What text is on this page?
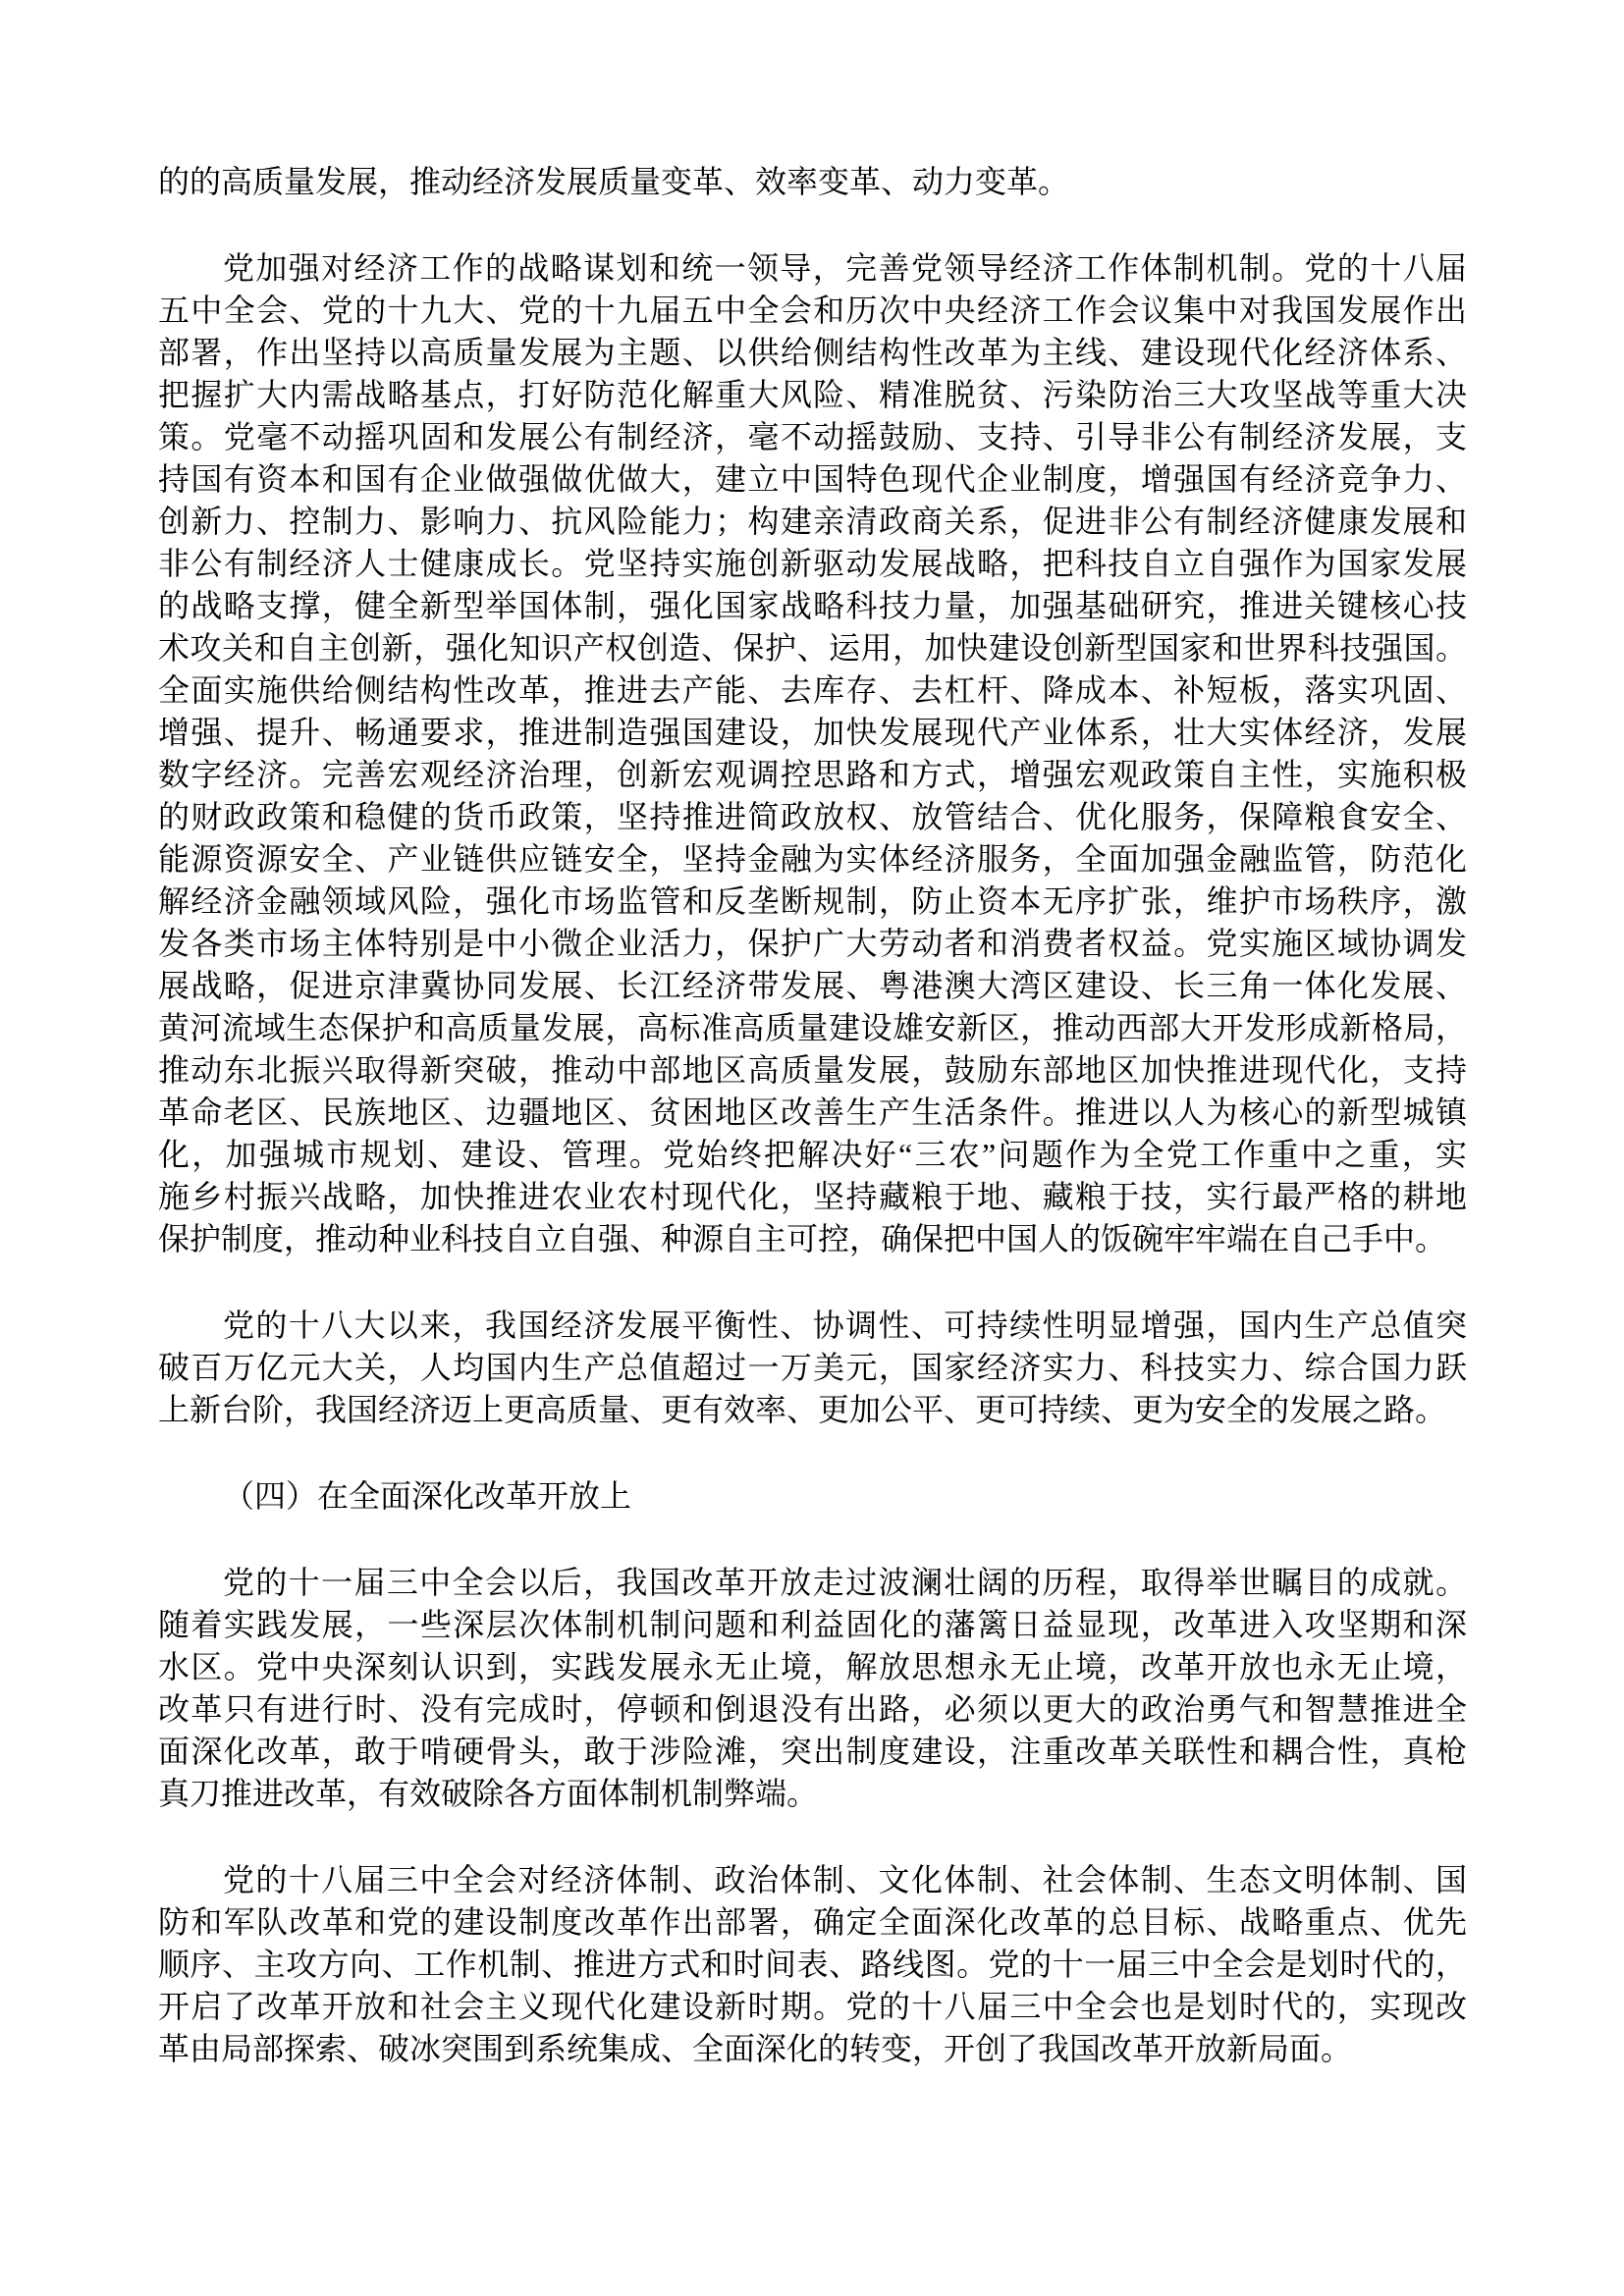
的的高质量发展，推动经济发展质量变革、效率变革、动力变革。
党加强对经济工作的战略谋划和统一领导，完善党领导经济工作体制机制。党的十八届
五中全会、党的十九大、党的十九届五中全会和历次中央经济工作会议集中对我国发展作出
部署，作出坚持以高质量发展为主题、以供给侧结构性改革为主线、建设现代化经济体系、
把握扩大内需战略基点，打好防范化解重大风险、精准脱贫、污染防治三大攻坚战等重大决
策。党毫不动摇巩固和发展公有制经济，毫不动摇鼓励、支持、引导非公有制经济发展，支
持国有资本和国有企业做强做优做大，建立中国特色现代企业制度，增强国有经济竞争力、
创新力、控制力、影响力、抗风险能力；构建亲清政商关系，促进非公有制经济健康发展和
非公有制经济人士健康成长。党坚持实施创新驱动发展战略，把科技自立自强作为国家发展
的战略支撑，健全新型举国体制，强化国家战略科技力量，加强基础研究，推进关键核心技
术攻关和自主创新，强化知识产权创造、保护、运用，加快建设创新型国家和世界科技强国。
全面实施供给侧结构性改革，推进去产能、去库存、去杠杆、降成本、补短板，落实巩固、
增强、提升、畅通要求，推进制造强国建设，加快发展现代产业体系，壮大实体经济，发展
数字经济。完善宏观经济治理，创新宏观调控思路和方式，增强宏观政策自主性，实施积极
的财政政策和稳健的货币政策，坚持推进简政放权、放管结合、优化服务，保障粮食安全、
能源资源安全、产业链供应链安全，坚持金融为实体经济服务，全面加强金融监管，防范化
解经济金融领域风险，强化市场监管和反垄断规制，防止资本无序扩张，维护市场秩序，激
发各类市场主体特别是中小微企业活力，保护广大劳动者和消费者权益。党实施区域协调发
展战略，促进京津冀协同发展、长江经济带发展、粤港澳大湾区建设、长三角一体化发展、
黄河流域生态保护和高质量发展，高标准高质量建设雄安新区，推动西部大开发形成新格局，
推动东北振兴取得新突破，推动中部地区高质量发展，鼓励东部地区加快推进现代化，支持
革命老区、民族地区、边疆地区、贫困地区改善生产生活条件。推进以人为核心的新型城镇
化，加强城市规划、建设、管理。党始终把解决好“三农”问题作为全党工作重中之重，实
施乡村振兴战略，加快推进农业农村现代化，坚持藏粮于地、藏粮于技，实行最严格的耕地
保护制度，推动种业科技自立自强、种源自主可控，确保把中国人的饭碗牢牢端在自己手中。
党的十八大以来，我国经济发展平衡性、协调性、可持续性明显增强，国内生产总值突
破百万亿元大关，人均国内生产总值超过一万美元，国家经济实力、科技实力、综合国力跃
上新台阶，我国经济迈上更高质量、更有效率、更加公平、更可持续、更为安全的发展之路。
（四）在全面深化改革开放上
党的十一届三中全会以后，我国改革开放走过波澜壮阔的历程，取得举世瞩目的成就。
随着实践发展，一些深层次体制机制问题和利益固化的藩篱日益显现，改革进入攻坚期和深
水区。党中央深刻认识到，实践发展永无止境，解放思想永无止境，改革开放也永无止境，
改革只有进行时、没有完成时，停顿和倒退没有出路，必须以更大的政治勇气和智慧推进全
面深化改革，敢于啃硬骨头，敢于涉险滩，突出制度建设，注重改革关联性和耦合性，真枪
真刀推进改革，有效破除各方面体制机制弊端。
党的十八届三中全会对经济体制、政治体制、文化体制、社会体制、生态文明体制、国
防和军队改革和党的建设制度改革作出部署，确定全面深化改革的总目标、战略重点、优先
顺序、主攻方向、工作机制、推进方式和时间表、路线图。党的十一届三中全会是划时代的，
开启了改革开放和社会主义现代化建设新时期。党的十八届三中全会也是划时代的，实现改
革由局部探索、破冰突围到系统集成、全面深化的转变，开创了我国改革开放新局面。
